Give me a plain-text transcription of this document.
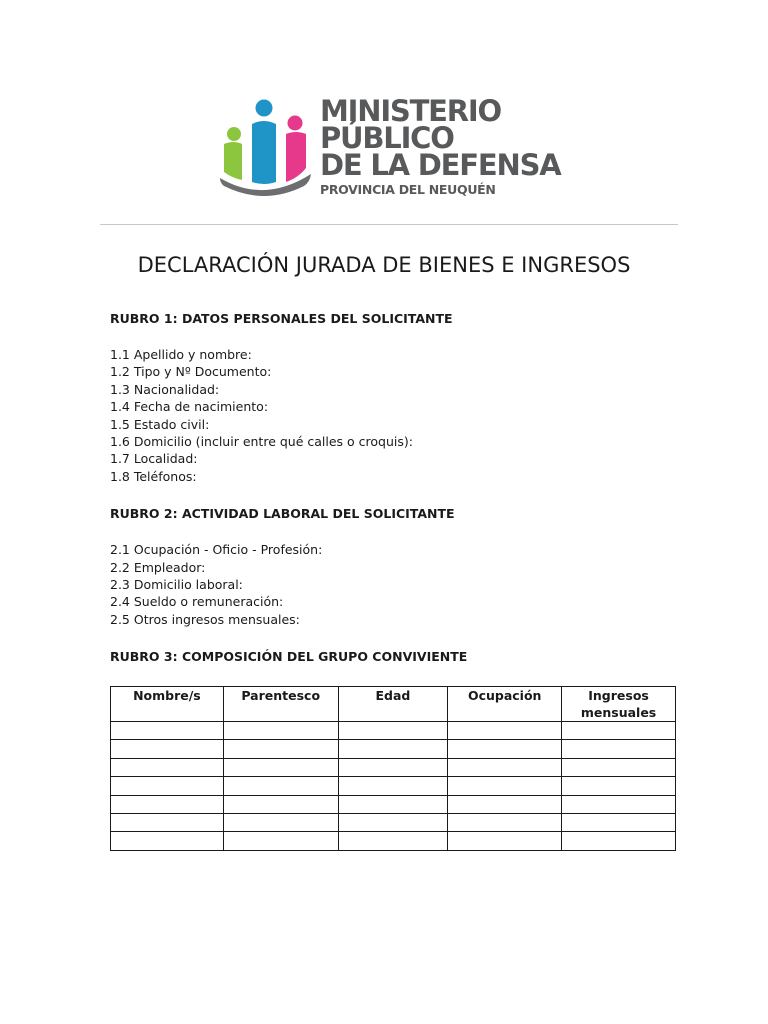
MINISTERIO
PÚBLICO
DE LA DEFENSA
PROVINCIA DEL NEUQUÉN
DECLARACIÓN JURADA DE BIENES E INGRESOS

RUBRO 1: DATOS PERSONALES DEL SOLICITANTE

1.1 Apellido y nombre:
1.2 Tipo y Nº Documento:
1.3 Nacionalidad:
1.4 Fecha de nacimiento:
1.5 Estado civil:
1.6 Domicilio (incluir entre qué calles o croquis):
1.7 Localidad:
1.8 Teléfonos:

RUBRO 2: ACTIVIDAD LABORAL DEL SOLICITANTE

2.1 Ocupación - Oficio - Profesión:
2.2 Empleador:
2.3 Domicilio laboral:
2.4 Sueldo o remuneración:
2.5 Otros ingresos mensuales:

RUBRO 3: COMPOSICIÓN DEL GRUPO CONVIVIENTE

Nombre/s	Parentesco	Edad	Ocupación	Ingresos mensuales
